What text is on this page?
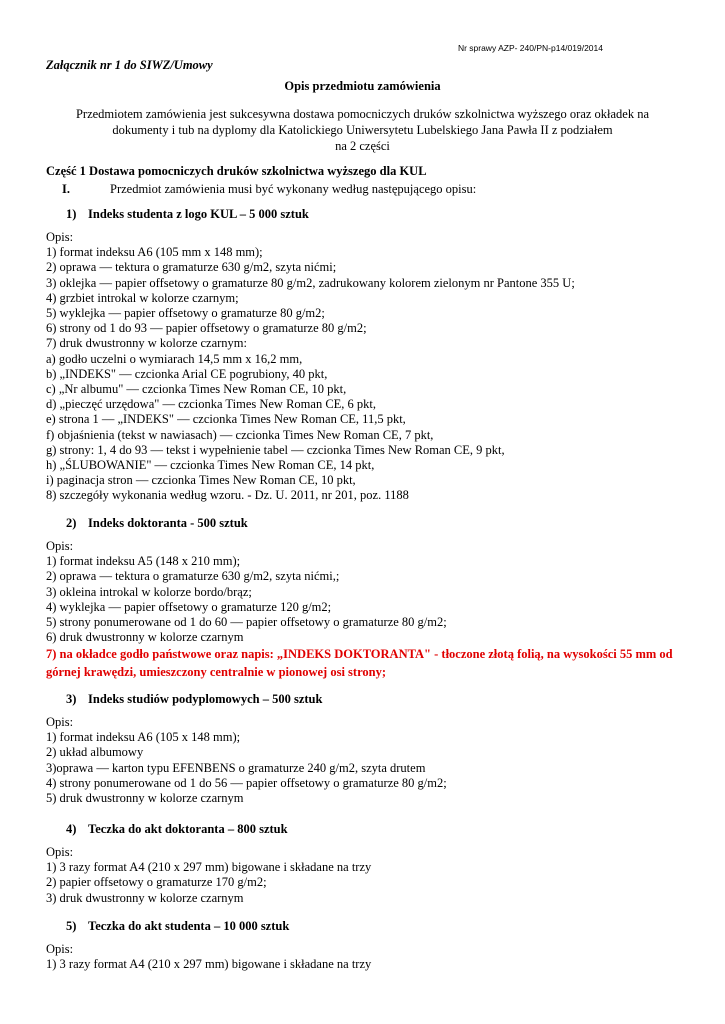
Nr sprawy AZP- 240/PN-p14/019/2014
Załącznik nr 1 do SIWZ/Umowy
Opis przedmiotu zamówienia
Przedmiotem zamówienia jest sukcesywna dostawa pomocniczych druków szkolnictwa wyższego oraz okładek na
dokumenty i tub na dyplomy dla Katolickiego Uniwersytetu Lubelskiego Jana Pawła II z podziałem
na 2 części
Część 1 Dostawa pomocniczych druków szkolnictwa wyższego dla KUL
I.	Przedmiot zamówienia musi być wykonany według następującego opisu:
1) Indeks studenta z logo KUL – 5 000 sztuk
Opis:
1) format indeksu A6 (105 mm x 148 mm);
2) oprawa — tektura o gramaturze 630 g/m2, szyta nićmi;
3) oklejka — papier offsetowy o gramaturze 80 g/m2, zadrukowany kolorem zielonym nr Pantone 355 U;
4) grzbiet introkal w kolorze czarnym;
5) wyklejka — papier offsetowy o gramaturze 80 g/m2;
6) strony od 1 do 93 — papier offsetowy o gramaturze 80 g/m2;
7) druk dwustronny w kolorze czarnym:
a) godło uczelni o wymiarach 14,5 mm x 16,2 mm,
b) „INDEKS" — czcionka Arial CE pogrubiony, 40 pkt,
c) „Nr albumu" — czcionka Times New Roman CE, 10 pkt,
d) „pieczęć urzędowa" — czcionka Times New Roman CE, 6 pkt,
e) strona 1 — „INDEKS" — czcionka Times New Roman CE, 11,5 pkt,
f) objaśnienia (tekst w nawiasach) — czcionka Times New Roman CE, 7 pkt,
g) strony: 1, 4 do 93 — tekst i wypełnienie tabel — czcionka Times New Roman CE, 9 pkt,
h) „ŚLUBOWANIE" — czcionka Times New Roman CE, 14 pkt,
i) paginacja stron — czcionka Times New Roman CE, 10 pkt,
8) szczegóły wykonania według wzoru. - Dz. U. 2011, nr 201, poz. 1188
2) Indeks doktoranta - 500 sztuk
Opis:
1) format indeksu A5 (148 x 210 mm);
2) oprawa — tektura o gramaturze 630 g/m2, szyta nićmi,;
3) okleina introkal w kolorze bordo/brąz;
4) wyklejka — papier offsetowy o gramaturze 120 g/m2;
5) strony ponumerowane od 1 do 60 — papier offsetowy o gramaturze 80 g/m2;
6) druk dwustronny w kolorze czarnym
7) na okładce godło państwowe oraz napis: „INDEKS DOKTORANTA" - tłoczone złotą folią, na wysokości 55 mm od górnej krawędzi, umieszczony centralnie w pionowej osi strony;
3) Indeks studiów podyplomowych – 500 sztuk
Opis:
1) format indeksu A6 (105 x 148 mm);
2) układ albumowy
3)oprawa — karton typu EFENBENS o gramaturze 240 g/m2, szyta drutem
4) strony ponumerowane od 1 do 56 — papier offsetowy o gramaturze 80 g/m2;
5) druk dwustronny w kolorze czarnym
4) Teczka do akt doktoranta – 800 sztuk
Opis:
1) 3 razy format A4 (210 x 297 mm) bigowane i składane na trzy
2) papier offsetowy o gramaturze 170 g/m2;
3) druk dwustronny w kolorze czarnym
5) Teczka do akt studenta – 10 000 sztuk
Opis:
1) 3 razy format A4 (210 x 297 mm) bigowane i składane na trzy
